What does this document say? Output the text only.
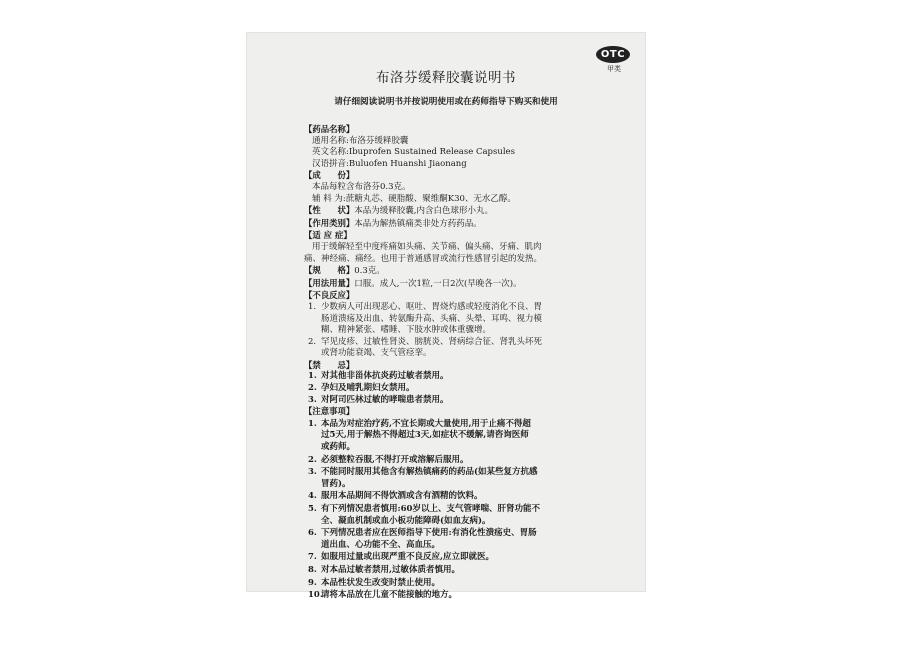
OTC
甲类
布洛芬缓释胶囊说明书
请仔细阅读说明书并按说明使用或在药师指导下购买和使用
【药品名称】
通用名称:布洛芬缓释胶囊
英文名称:Ibuprofen Sustained Release Capsules
汉语拼音:Buluofen Huanshi Jiaonang
【成　　份】
本品每粒含布洛芬0.3克。
辅 料 为:蔗糖丸芯、硬脂酸、聚维酮K30、无水乙醇。
【性　　状】本品为缓释胶囊,内含白色球形小丸。
【作用类别】本品为解热镇痛类非处方药药品。
【适 应 症】
用于缓解轻至中度疼痛如头痛、关节痛、偏头痛、牙痛、肌肉
痛、神经痛、痛经。也用于普通感冒或流行性感冒引起的发热。
【规　　格】0.3克。
【用法用量】口服。成人,一次1粒,一日2次(早晚各一次)。
【不良反应】
1. 少数病人可出现恶心、呕吐、胃烧灼感或轻度消化不良、胃
肠道溃疡及出血、转氨酶升高、头痛、头晕、耳鸣、视力模
糊、精神紧张、嗜睡、下肢水肿或体重骤增。
2. 罕见皮疹、过敏性肾炎、膀胱炎、肾病综合征、肾乳头坏死
或肾功能衰竭、支气管痉挛。
【禁　　忌】
1. 对其他非甾体抗炎药过敏者禁用。
2. 孕妇及哺乳期妇女禁用。
3. 对阿司匹林过敏的哮喘患者禁用。
【注意事项】
1. 本品为对症治疗药,不宜长期或大量使用,用于止痛不得超
过5天,用于解热不得超过3天,如症状不缓解,请咨询医师
或药师。
2. 必须整粒吞服,不得打开或溶解后服用。
3. 不能同时服用其他含有解热镇痛药的药品(如某些复方抗感
冒药)。
4. 服用本品期间不得饮酒或含有酒精的饮料。
5. 有下列情况患者慎用:60岁以上、支气管哮喘、肝肾功能不
全、凝血机制或血小板功能障碍(如血友病)。
6. 下列情况患者应在医师指导下使用:有消化性溃疡史、胃肠
道出血、心功能不全、高血压。
7. 如服用过量或出现严重不良反应,应立即就医。
8. 对本品过敏者禁用,过敏体质者慎用。
9. 本品性状发生改变时禁止使用。
10.
请将本品放在儿童不能接触的地方。
